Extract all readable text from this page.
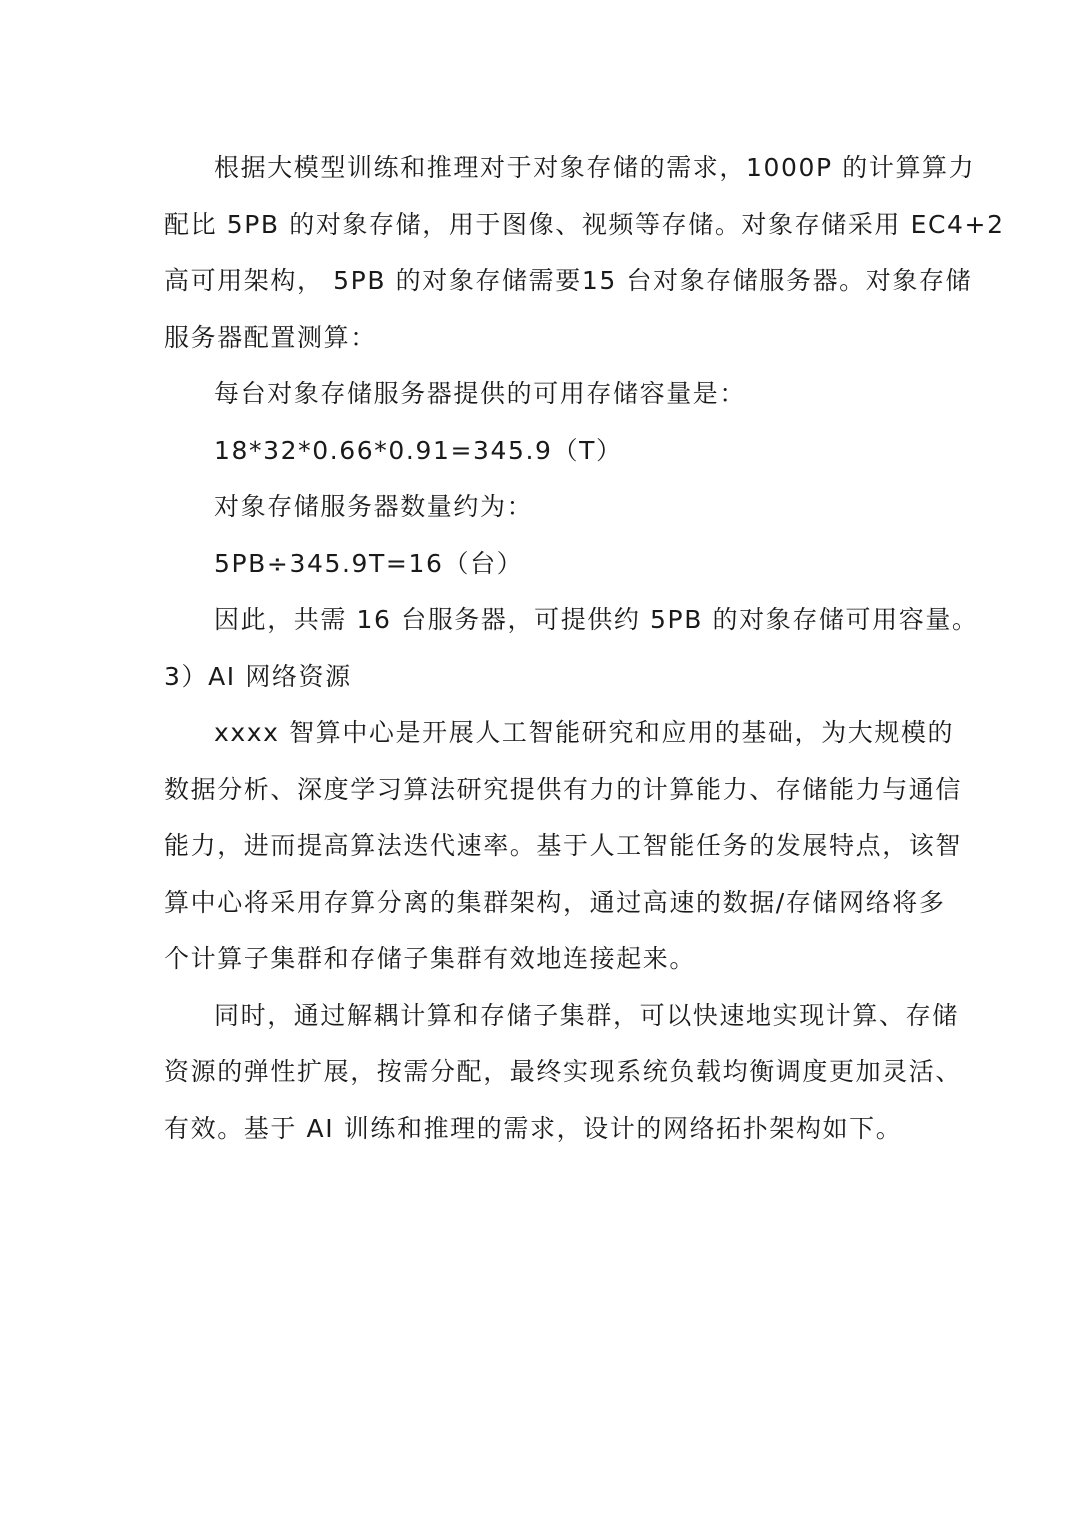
根据大模型训练和推理对于对象存储的需求，1000P 的计算算力
配比 5PB 的对象存储，用于图像、视频等存储。对象存储采用 EC4+2
高可用架构， 5PB 的对象存储需要15 台对象存储服务器。对象存储
服务器配置测算：
每台对象存储服务器提供的可用存储容量是：
18*32*0.66*0.91=345.9（T）
对象存储服务器数量约为：
5PB÷345.9T=16（台）
因此，共需 16 台服务器，可提供约 5PB 的对象存储可用容量。
3）AI 网络资源
xxxx 智算中心是开展人工智能研究和应用的基础，为大规模的
数据分析、深度学习算法研究提供有力的计算能力、存储能力与通信
能力，进而提高算法迭代速率。基于人工智能任务的发展特点，该智
算中心将采用存算分离的集群架构，通过高速的数据/存储网络将多
个计算子集群和存储子集群有效地连接起来。
同时，通过解耦计算和存储子集群，可以快速地实现计算、存储
资源的弹性扩展，按需分配，最终实现系统负载均衡调度更加灵活、
有效。基于 AI 训练和推理的需求，设计的网络拓扑架构如下。
